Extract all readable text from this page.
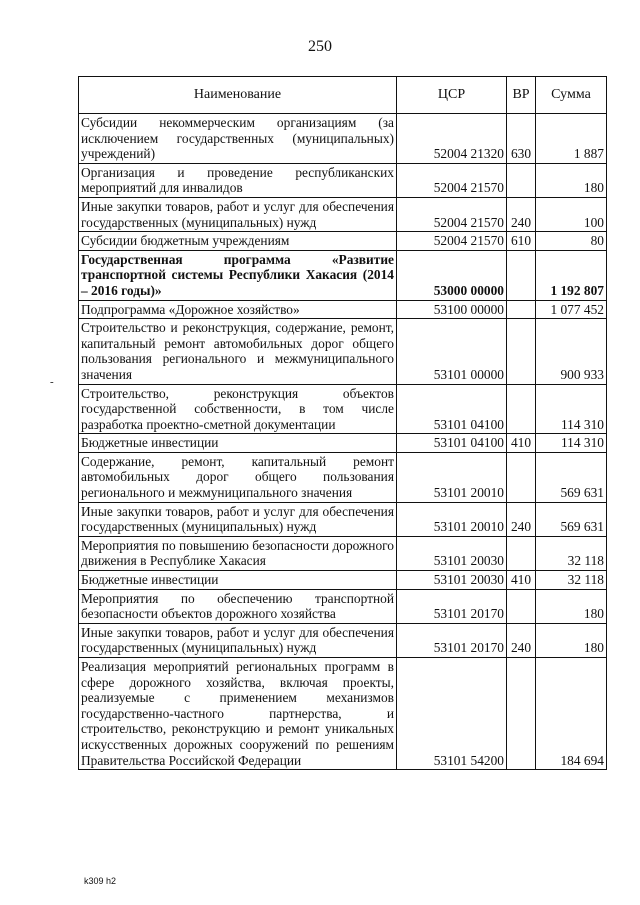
250
-
Наименование	ЦСР	ВР	Сумма
Субсидии некоммерческим организациям (за исключением государственных (муниципальных) учреждений)	52004 21320	630	1 887
Организация и проведение республиканских мероприятий для инвалидов	52004 21570		180
Иные закупки товаров, работ и услуг для обеспечения государственных (муниципальных) нужд	52004 21570	240	100
Субсидии бюджетным учреждениям	52004 21570	610	80
Государственная программа «Развитие транспортной системы Республики Хакасия (2014 – 2016 годы)»	53000 00000		1 192 807
Подпрограмма «Дорожное хозяйство»	53100 00000		1 077 452
Строительство и реконструкция, содержание, ремонт, капитальный ремонт автомобильных дорог общего пользования регионального и межмуниципального значения	53101 00000		900 933
Строительство, реконструкция объектов государственной собственности, в том числе разработка проектно-сметной документации	53101 04100		114 310
Бюджетные инвестиции	53101 04100	410	114 310
Содержание, ремонт, капитальный ремонт автомобильных дорог общего пользования регионального и межмуниципального значения	53101 20010		569 631
Иные закупки товаров, работ и услуг для обеспечения государственных (муниципальных) нужд	53101 20010	240	569 631
Мероприятия по повышению безопасности дорожного движения в Республике Хакасия	53101 20030		32 118
Бюджетные инвестиции	53101 20030	410	32 118
Мероприятия по обеспечению транспортной безопасности объектов дорожного хозяйства	53101 20170		180
Иные закупки товаров, работ и услуг для обеспечения государственных (муниципальных) нужд	53101 20170	240	180
Реализация мероприятий региональных программ в сфере дорожного хозяйства, включая проекты, реализуемые с применением механизмов государственно-частного партнерства, и строительство, реконструкцию и ремонт уникальных искусственных дорожных сооружений по решениям Правительства Российской Федерации	53101 54200		184 694
k309 h2
